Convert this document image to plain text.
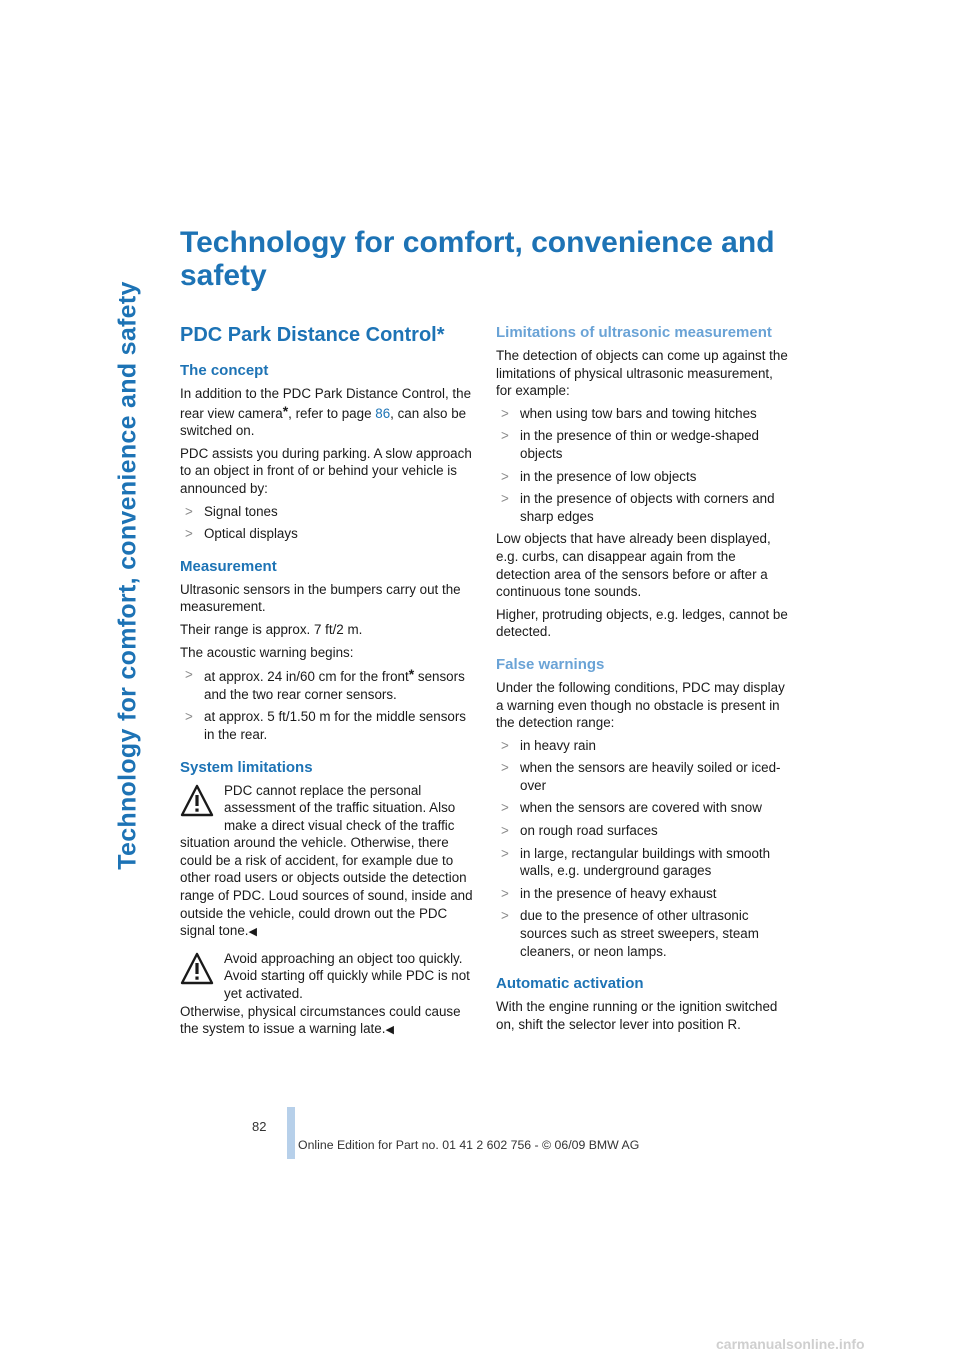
Technology for comfort, convenience and safety
Technology for comfort, convenience and safety
PDC Park Distance Control*
The concept

In addition to the PDC Park Distance Control, the rear view camera*, refer to page 86, can also be switched on.

PDC assists you during parking. A slow approach to an object in front of or behind your vehicle is announced by:

> Signal tones
> Optical displays
Measurement

Ultrasonic sensors in the bumpers carry out the measurement.

Their range is approx. 7 ft/2 m.

The acoustic warning begins:

> at approx. 24 in/60 cm for the front* sensors and the two rear corner sensors.
> at approx. 5 ft/1.50 m for the middle sensors in the rear.
System limitations

PDC cannot replace the personal assessment of the traffic situation. Also make a direct visual check of the traffic situation around the vehicle. Otherwise, there could be a risk of accident, for example due to other road users or objects outside the detection range of PDC. Loud sources of sound, inside and outside the vehicle, could drown out the PDC signal tone.◀

Avoid approaching an object too quickly. Avoid starting off quickly while PDC is not yet activated.
Otherwise, physical circumstances could cause the system to issue a warning late.◀

Limitations of ultrasonic measurement

The detection of objects can come up against the limitations of physical ultrasonic measurement, for example:

> when using tow bars and towing hitches
> in the presence of thin or wedge-shaped objects
> in the presence of low objects
> in the presence of objects with corners and sharp edges

Low objects that have already been displayed, e.g. curbs, can disappear again from the detection area of the sensors before or after a continuous tone sounds.

Higher, protruding objects, e.g. ledges, cannot be detected.

False warnings

Under the following conditions, PDC may display a warning even though no obstacle is present in the detection range:

> in heavy rain
> when the sensors are heavily soiled or iced-over
> when the sensors are covered with snow
> on rough road surfaces
> in large, rectangular buildings with smooth walls, e.g. underground garages
> in the presence of heavy exhaust
> due to the presence of other ultrasonic sources such as street sweepers, steam cleaners, or neon lamps.
Automatic activation

With the engine running or the ignition switched on, shift the selector lever into position R.

82
Online Edition for Part no. 01 41 2 602 756 - © 06/09 BMW AG
carmanualsonline.info
